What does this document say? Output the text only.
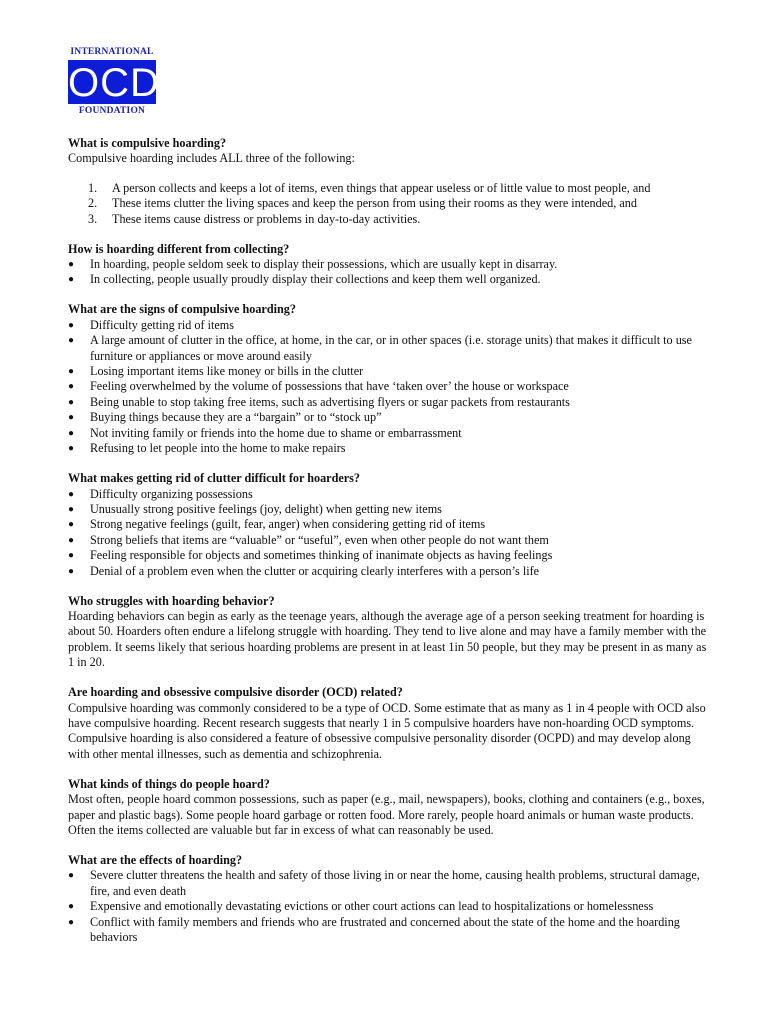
INTERNATIONAL
OCD
FOUNDATION
What is compulsive hoarding?
Compulsive hoarding includes ALL three of the following:
1. A person collects and keeps a lot of items, even things that appear useless or of little value to most people, and
2. These items clutter the living spaces and keep the person from using their rooms as they were intended, and
3. These items cause distress or problems in day-to-day activities.
How is hoarding different from collecting?
● In hoarding, people seldom seek to display their possessions, which are usually kept in disarray.
● In collecting, people usually proudly display their collections and keep them well organized.
What are the signs of compulsive hoarding?
● Difficulty getting rid of items
● A large amount of clutter in the office, at home, in the car, or in other spaces (i.e. storage units) that makes it difficult to use furniture or appliances or move around easily
● Losing important items like money or bills in the clutter
● Feeling overwhelmed by the volume of possessions that have ‘taken over’ the house or workspace
● Being unable to stop taking free items, such as advertising flyers or sugar packets from restaurants
● Buying things because they are a “bargain” or to “stock up”
● Not inviting family or friends into the home due to shame or embarrassment
● Refusing to let people into the home to make repairs
What makes getting rid of clutter difficult for hoarders?
● Difficulty organizing possessions
● Unusually strong positive feelings (joy, delight) when getting new items
● Strong negative feelings (guilt, fear, anger) when considering getting rid of items
● Strong beliefs that items are “valuable” or “useful”, even when other people do not want them
● Feeling responsible for objects and sometimes thinking of inanimate objects as having feelings
● Denial of a problem even when the clutter or acquiring clearly interferes with a person’s life
Who struggles with hoarding behavior?
Hoarding behaviors can begin as early as the teenage years, although the average age of a person seeking treatment for hoarding is about 50. Hoarders often endure a lifelong struggle with hoarding. They tend to live alone and may have a family member with the problem. It seems likely that serious hoarding problems are present in at least 1in 50 people, but they may be present in as many as 1 in 20.
Are hoarding and obsessive compulsive disorder (OCD) related?
Compulsive hoarding was commonly considered to be a type of OCD. Some estimate that as many as 1 in 4 people with OCD also have compulsive hoarding. Recent research suggests that nearly 1 in 5 compulsive hoarders have non-hoarding OCD symptoms. Compulsive hoarding is also considered a feature of obsessive compulsive personality disorder (OCPD) and may develop along with other mental illnesses, such as dementia and schizophrenia.
What kinds of things do people hoard?
Most often, people hoard common possessions, such as paper (e.g., mail, newspapers), books, clothing and containers (e.g., boxes, paper and plastic bags). Some people hoard garbage or rotten food. More rarely, people hoard animals or human waste products. Often the items collected are valuable but far in excess of what can reasonably be used.
What are the effects of hoarding?
● Severe clutter threatens the health and safety of those living in or near the home, causing health problems, structural damage, fire, and even death
● Expensive and emotionally devastating evictions or other court actions can lead to hospitalizations or homelessness
● Conflict with family members and friends who are frustrated and concerned about the state of the home and the hoarding behaviors
